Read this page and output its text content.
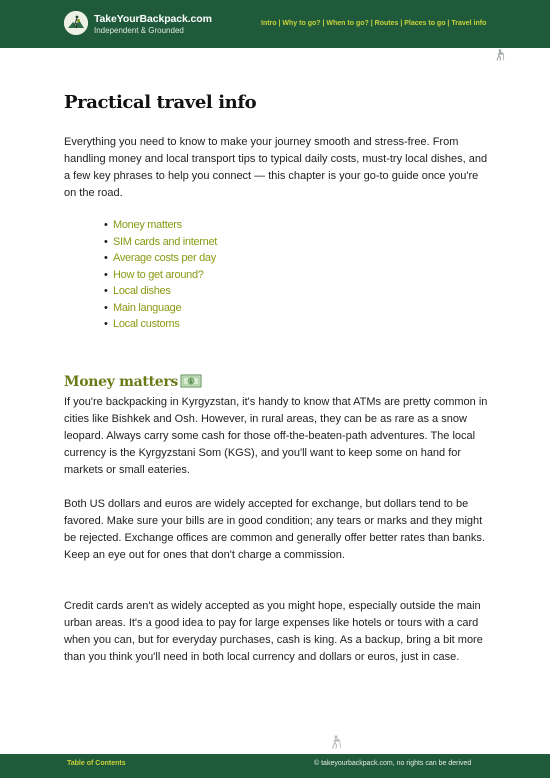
TakeYourBackpack.com
Independent & Grounded
Intro | Why to go? | When to go? | Routes | Places to go | Travel info
Practical travel info

Everything you need to know to make your journey smooth and stress-free. From handling money and local transport tips to typical daily costs, must-try local dishes, and a few key phrases to help you connect — this chapter is your go-to guide once you're on the road.

• Money matters
• SIM cards and internet
• Average costs per day
• How to get around?
• Local dishes
• Main language
• Local customs
Money matters $

If you're backpacking in Kyrgyzstan, it's handy to know that ATMs are pretty common in cities like Bishkek and Osh. However, in rural areas, they can be as rare as a snow leopard. Always carry some cash for those off-the-beaten-path adventures. The local currency is the Kyrgyzstani Som (KGS), and you'll want to keep some on hand for markets or small eateries.

Both US dollars and euros are widely accepted for exchange, but dollars tend to be favored. Make sure your bills are in good condition; any tears or marks and they might be rejected. Exchange offices are common and generally offer better rates than banks. Keep an eye out for ones that don't charge a commission.

Credit cards aren't as widely accepted as you might hope, especially outside the main urban areas. It's a good idea to pay for large expenses like hotels or tours with a card when you can, but for everyday purchases, cash is king. As a backup, bring a bit more than you think you'll need in both local currency and dollars or euros, just in case.

Table of Contents	© takeyourbackpack.com, no rights can be derived
